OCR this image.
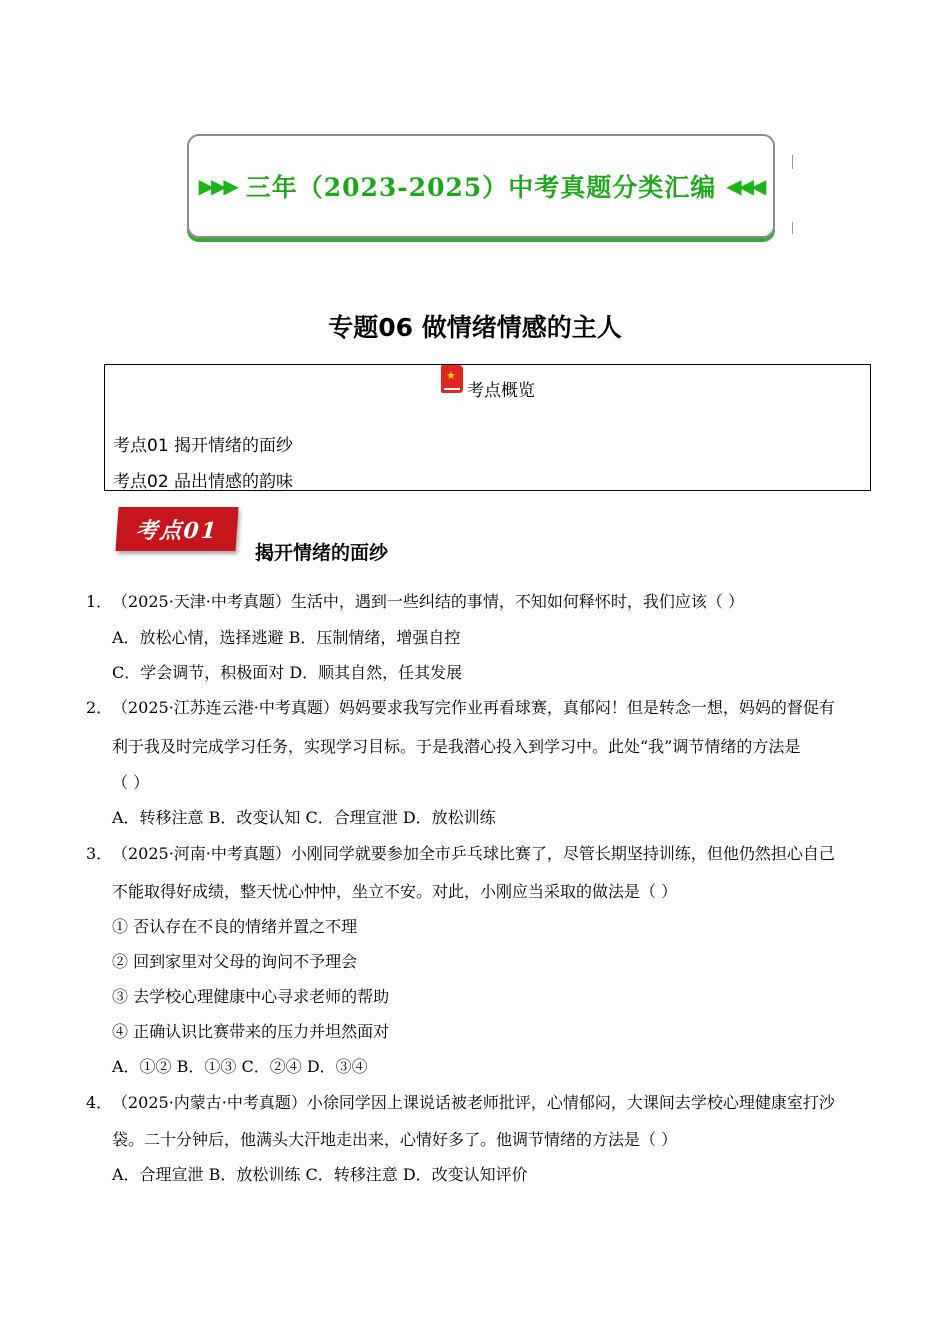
▶▶▶ 三年（2023-2025）中考真题分类汇编 ◀◀◀
专题06 做情绪情感的主人
★
考点概览
考点01 揭开情绪的面纱
考点02 品出情感的韵味
考点01
揭开情绪的面纱
1． （2025·天津·中考真题）生活中，遇到一些纠结的事情，不知如何释怀时，我们应该（ ）
A．放松心情，选择逃避 B．压制情绪，增强自控
C．学会调节，积极面对 D．顺其自然，任其发展
2． （2025·江苏连云港·中考真题）妈妈要求我写完作业再看球赛，真郁闷！但是转念一想，妈妈的督促有
利于我及时完成学习任务，实现学习目标。于是我潜心投入到学习中。此处“我”调节情绪的方法是
（ ）
A．转移注意 B．改变认知 C．合理宣泄 D．放松训练
3． （2025·河南·中考真题）小刚同学就要参加全市乒乓球比赛了，尽管长期坚持训练，但他仍然担心自己
不能取得好成绩，整天忧心忡忡，坐立不安。对此，小刚应当采取的做法是（ ）
① 否认存在不良的情绪并置之不理
② 回到家里对父母的询问不予理会
③ 去学校心理健康中心寻求老师的帮助
④ 正确认识比赛带来的压力并坦然面对
A．①② B．①③ C．②④ D．③④
4． （2025·内蒙古·中考真题）小徐同学因上课说话被老师批评，心情郁闷，大课间去学校心理健康室打沙
袋。二十分钟后，他满头大汗地走出来，心情好多了。他调节情绪的方法是（ ）
A．合理宣泄 B．放松训练 C．转移注意 D．改变认知评价
